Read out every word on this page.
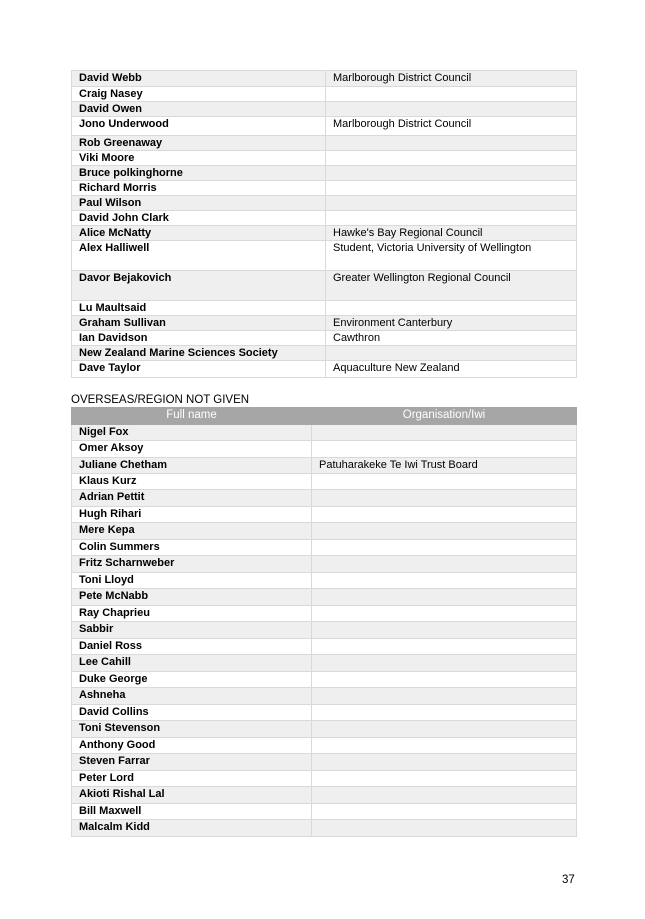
David Webb	Marlborough District Council
Craig Nasey	
David Owen	
Jono Underwood	Marlborough District Council
Rob Greenaway	
Viki Moore	
Bruce polkinghorne	
Richard Morris	
Paul Wilson	
David John Clark	
Alice McNatty	Hawke's Bay Regional Council
Alex Halliwell	Student, Victoria University of Wellington
Davor Bejakovich	Greater Wellington Regional Council
Lu Maultsaid	
Graham Sullivan	Environment Canterbury
Ian Davidson	Cawthron
New Zealand Marine Sciences Society	
Dave Taylor	Aquaculture New Zealand
OVERSEAS/REGION NOT GIVEN
Full name	Organisation/Iwi
Nigel Fox	
Omer Aksoy	
Juliane Chetham	Patuharakeke Te Iwi Trust Board
Klaus Kurz	
Adrian Pettit	
Hugh Rihari	
Mere Kepa	
Colin Summers	
Fritz Scharnweber	
Toni Lloyd	
Pete McNabb	
Ray Chaprieu	
Sabbir	
Daniel Ross	
Lee Cahill	
Duke George	
Ashneha	
David Collins	
Toni Stevenson	
Anthony Good	
Steven Farrar	
Peter Lord	
Akioti Rishal Lal	
Bill Maxwell	
Malcalm Kidd	
37
